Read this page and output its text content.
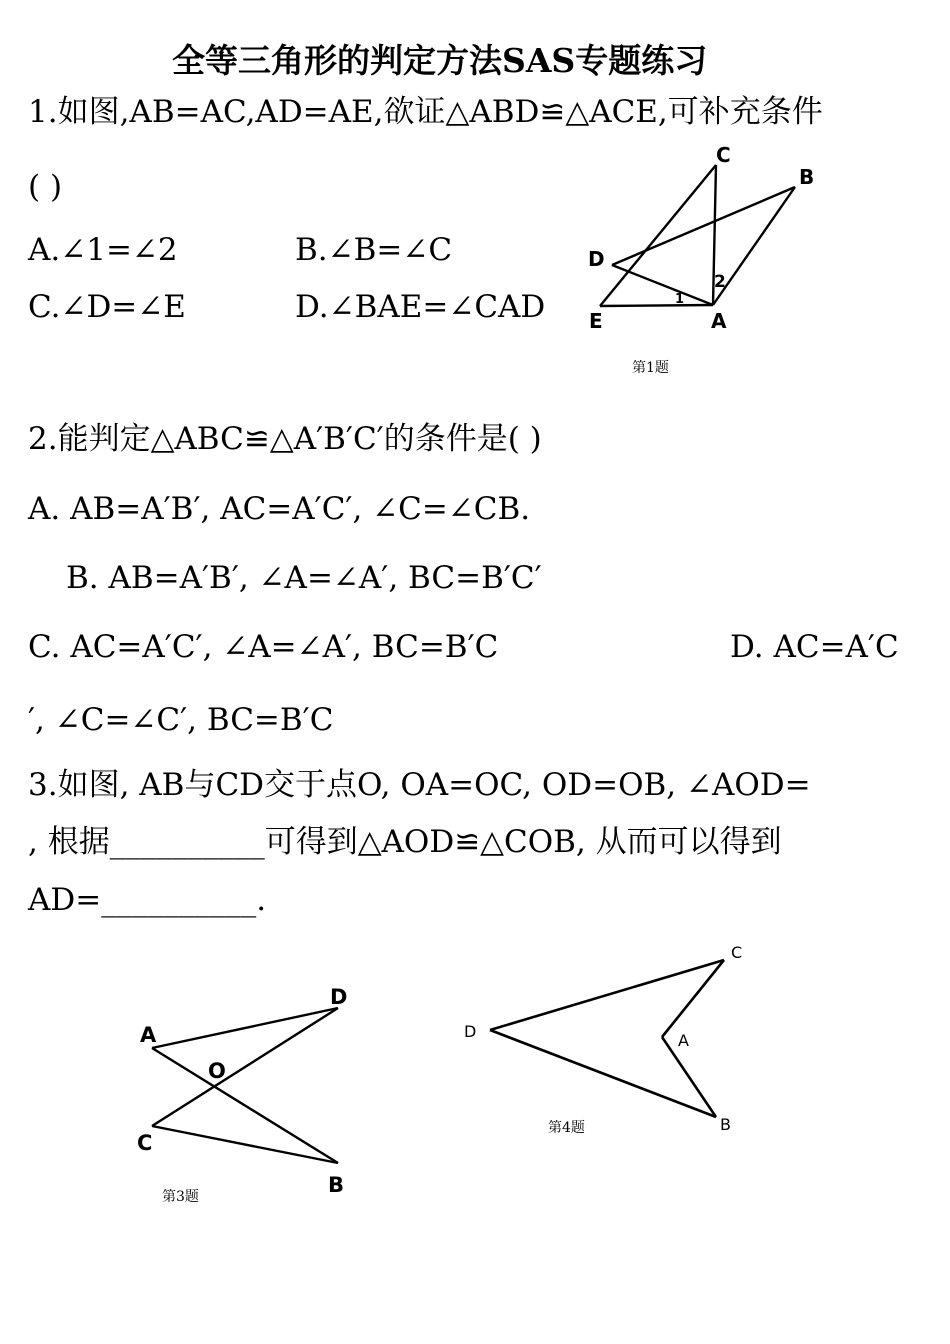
全等三角形的判定方法SAS专题练习
1.如图,AB=AC,AD=AE,欲证△ABD≌△ACE,可补充条件
( )
A.∠1=∠2	B.∠B=∠C
C.∠D=∠E	D.∠BAE=∠CAD
C
B
D
E	A
1
2
第1题
2.能判定△ABC≌△A′B′C′的条件是( )
A. AB=A′B′, AC=A′C′, ∠C=∠CB.
B. AB=A′B′, ∠A=∠A′, BC=B′C′
C. AC=A′C′, ∠A=∠A′, BC=B′C	D. AC=A′C
′, ∠C=∠C′, BC=B′C
3.如图, AB与CD交于点O, OA=OC, OD=OB, ∠AOD=
, 根据__________可得到△AOD≌△COB, 从而可以得到
AD=__________.
A
D
O
C
B
第3题
C
D	A
B
第4题
